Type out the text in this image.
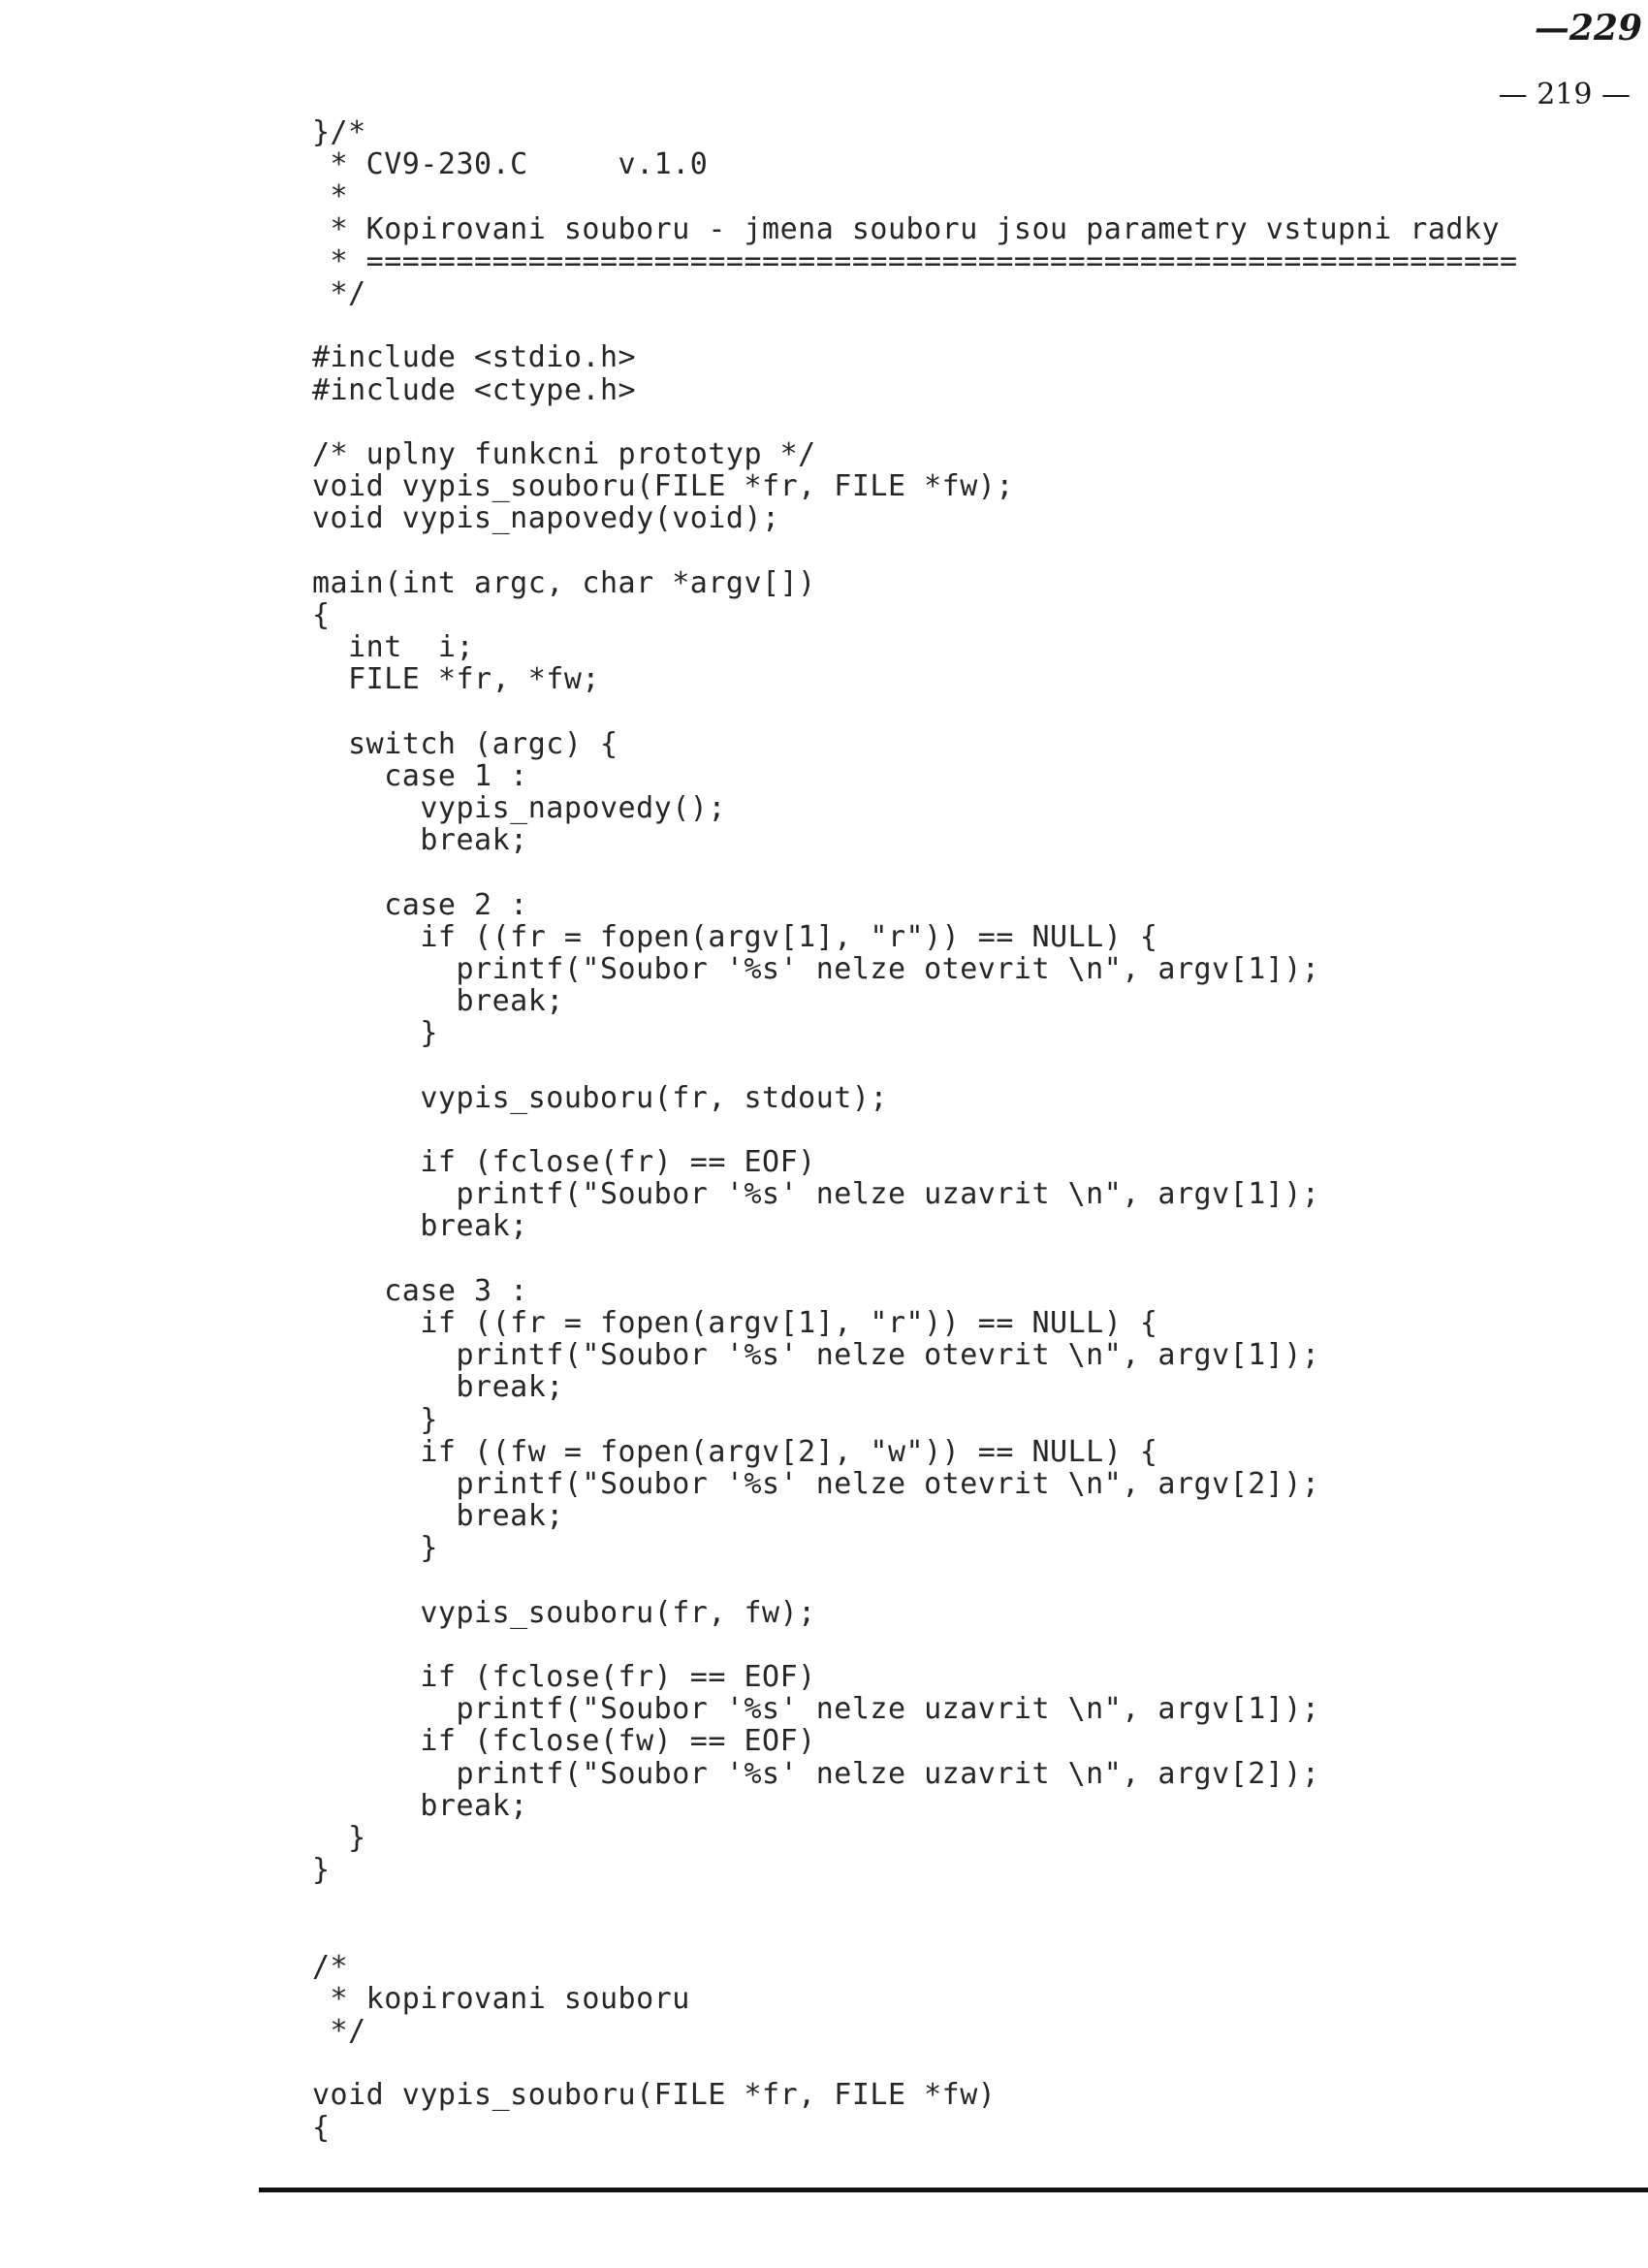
—229
— 219 —
}/*
* CV9-230.C     v.1.0
*
* Kopirovani souboru - jmena souboru jsou parametry vstupni radky
* ================================================================
*/
#include <stdio.h>
#include <ctype.h>
/* uplny funkcni prototyp */
void vypis_souboru(FILE *fr, FILE *fw);
void vypis_napovedy(void);
main(int argc, char *argv[])
{
int  i;
FILE *fr, *fw;
switch (argc) {
case 1 :
vypis_napovedy();
break;
case 2 :
if ((fr = fopen(argv[1], "r")) == NULL) {
printf("Soubor '%s' nelze otevrit \n", argv[1]);
break;
}
vypis_souboru(fr, stdout);
if (fclose(fr) == EOF)
printf("Soubor '%s' nelze uzavrit \n", argv[1]);
break;
case 3 :
if ((fr = fopen(argv[1], "r")) == NULL) {
printf("Soubor '%s' nelze otevrit \n", argv[1]);
break;
}
if ((fw = fopen(argv[2], "w")) == NULL) {
printf("Soubor '%s' nelze otevrit \n", argv[2]);
break;
}
vypis_souboru(fr, fw);
if (fclose(fr) == EOF)
printf("Soubor '%s' nelze uzavrit \n", argv[1]);
if (fclose(fw) == EOF)
printf("Soubor '%s' nelze uzavrit \n", argv[2]);
break;
}
}
/*
* kopirovani souboru
*/
void vypis_souboru(FILE *fr, FILE *fw)
{
